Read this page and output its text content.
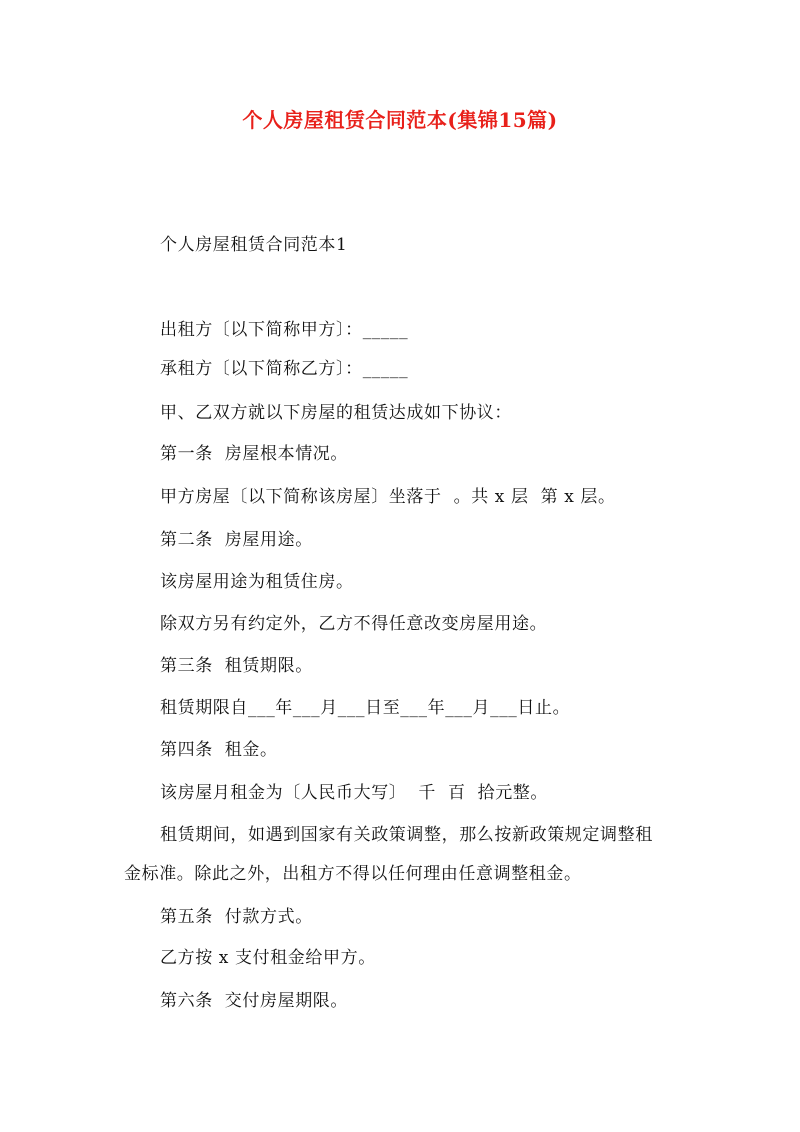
个人房屋租赁合同范本(集锦15篇)
个人房屋租赁合同范本1
出租方〔以下简称甲方〕：_____
承租方〔以下简称乙方〕：_____
甲、乙双方就以下房屋的租赁达成如下协议：
第一条  房屋根本情况。
甲方房屋〔以下简称该房屋〕坐落于  。共 x 层  第 x 层。
第二条  房屋用途。
该房屋用途为租赁住房。
除双方另有约定外，乙方不得任意改变房屋用途。
第三条  租赁期限。
租赁期限自___年___月___日至___年___月___日止。
第四条  租金。
该房屋月租金为〔人民币大写〕  千  百  拾元整。
租赁期间，如遇到国家有关政策调整，那么按新政策规定调整租
金标准。除此之外，出租方不得以任何理由任意调整租金。
第五条  付款方式。
乙方按 x 支付租金给甲方。
第六条  交付房屋期限。
